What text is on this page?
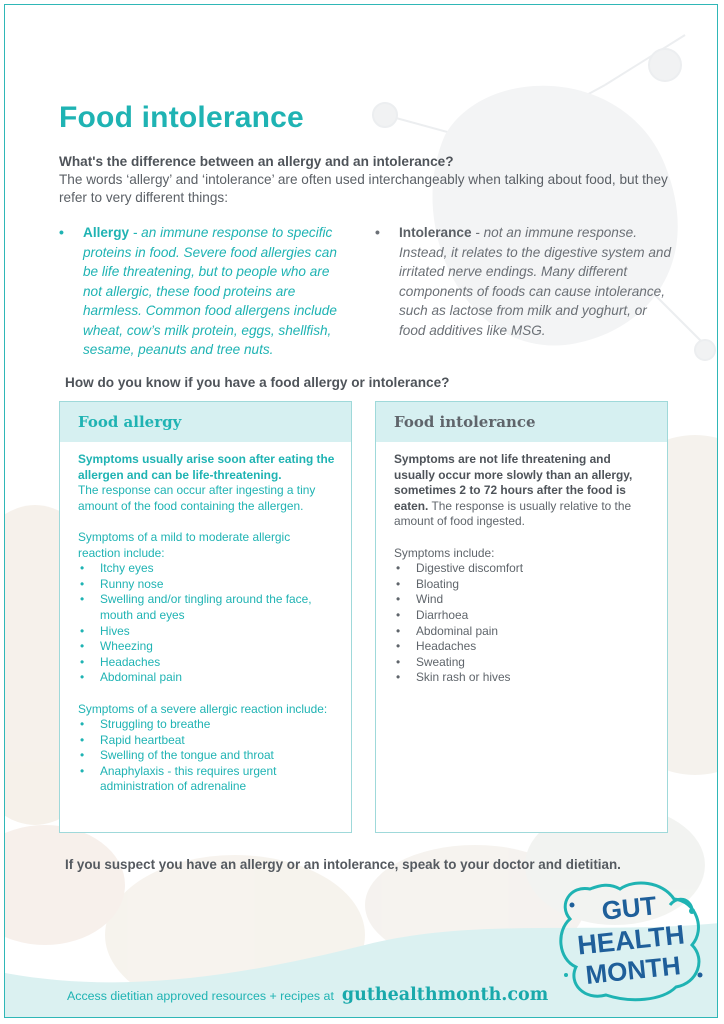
Food intolerance
What's the difference between an allergy and an intolerance?
The words ‘allergy’ and ‘intolerance’ are often used interchangeably when talking about food, but they refer to very different things:
•	Allergy - an immune response to specific proteins in food. Severe food allergies can be life threatening, but to people who are not allergic, these food proteins are harmless. Common food allergens include wheat, cow’s milk protein, eggs, shellfish, sesame, peanuts and tree nuts.
•	Intolerance - not an immune response. Instead, it relates to the digestive system and irritated nerve endings. Many different components of foods can cause intolerance, such as lactose from milk and yoghurt, or food additives like MSG.
How do you know if you have a food allergy or intolerance?
Food allergy

Symptoms usually arise soon after eating the allergen and can be life-threatening.

The response can occur after ingesting a tiny amount of the food containing the allergen.

Symptoms of a mild to moderate allergic reaction include:

• Itchy eyes
• Runny nose
• Swelling and/or tingling around the face, mouth and eyes
• Hives
• Wheezing
• Headaches
• Abdominal pain

Symptoms of a severe allergic reaction include:

• Struggling to breathe
• Rapid heartbeat
• Swelling of the tongue and throat
• Anaphylaxis - this requires urgent administration of adrenaline
Food intolerance

Symptoms are not life threatening and usually occur more slowly than an allergy, sometimes 2 to 72 hours after the food is eaten. The response is usually relative to the amount of food ingested.

Symptoms include:

• Digestive discomfort
• Bloating
• Wind
• Diarrhoea
• Abdominal pain
• Headaches
• Sweating
• Skin rash or hives
If you suspect you have an allergy or an intolerance, speak to your doctor and dietitian.
GUT
HEALTH
MONTH
Access dietitian approved resources + recipes at guthealthmonth.com
